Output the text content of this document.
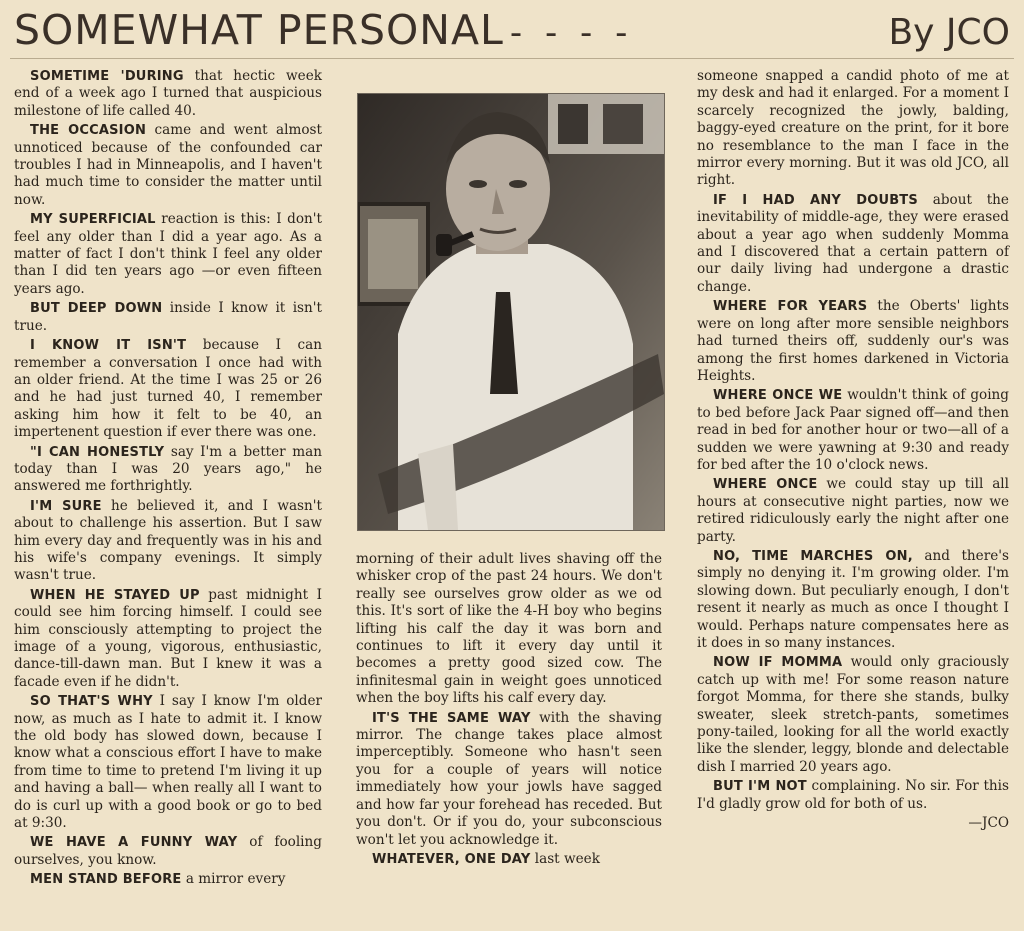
SOMEWHAT PERSONAL - - - -	By JCO

SOMETIME 'DURING that hectic week end of a week ago I turned that auspicious milestone of life called 40.

THE OCCASION came and went almost unnoticed because of the confounded car troubles I had in Minneapolis, and I haven't had much time to consider the matter until now.

MY SUPERFICIAL reaction is this: I don't feel any older than I did a year ago. As a matter of fact I don't think I feel any older than I did ten years ago —or even fifteen years ago.

BUT DEEP DOWN inside I know it isn't true.

I KNOW IT ISN'T because I can remember a conversation I once had with an older friend. At the time I was 25 or 26 and he had just turned 40, I remember asking him how it felt to be 40, an impertenent question if ever there was one.

"I CAN HONESTLY say I'm a better man today than I was 20 years ago," he answered me forthrightly.

I'M SURE he believed it, and I wasn't about to challenge his assertion. But I saw him every day and frequently was in his and his wife's company evenings. It simply wasn't true.

WHEN HE STAYED UP past midnight I could see him forcing himself. I could see him consciously attempting to project the image of a young, vigorous, enthusiastic, dance-till-dawn man. But I knew it was a facade even if he didn't.

SO THAT'S WHY I say I know I'm older now, as much as I hate to admit it. I know the old body has slowed down, because I know what a conscious effort I have to make from time to time to pretend I'm living it up and having a ball— when really all I want to do is curl up with a good book or go to bed at 9:30.

WE HAVE A FUNNY WAY of fooling ourselves, you know.

MEN STAND BEFORE a mirror every

morning of their adult lives shaving off the whisker crop of the past 24 hours. We don't really see ourselves grow older as we od this. It's sort of like the 4-H boy who begins lifting his calf the day it was born and continues to lift it every day until it becomes a pretty good sized cow. The infinitesmal gain in weight goes unnoticed when the boy lifts his calf every day.

IT'S THE SAME WAY with the shaving mirror. The change takes place almost imperceptibly. Someone who hasn't seen you for a couple of years will notice immediately how your jowls have sagged and how far your forehead has receded. But you don't. Or if you do, your subconscious won't let you acknowledge it.

WHATEVER, ONE DAY last week

someone snapped a candid photo of me at my desk and had it enlarged. For a moment I scarcely recognized the jowly, balding, baggy-eyed creature on the print, for it bore no resemblance to the man I face in the mirror every morning. But it was old JCO, all right.

IF I HAD ANY DOUBTS about the inevitability of middle-age, they were erased about a year ago when suddenly Momma and I discovered that a certain pattern of our daily living had undergone a drastic change.

WHERE FOR YEARS the Oberts' lights were on long after more sensible neighbors had turned theirs off, suddenly our's was among the first homes darkened in Victoria Heights.

WHERE ONCE WE wouldn't think of going to bed before Jack Paar signed off—and then read in bed for another hour or two—all of a sudden we were yawning at 9:30 and ready for bed after the 10 o'clock news.

WHERE ONCE we could stay up till all hours at consecutive night parties, now we retired ridiculously early the night after one party.

NO, TIME MARCHES ON, and there's simply no denying it. I'm growing older. I'm slowing down. But peculiarly enough, I don't resent it nearly as much as once I thought I would. Perhaps nature compensates here as it does in so many instances.

NOW IF MOMMA would only graciously catch up with me! For some reason nature forgot Momma, for there she stands, bulky sweater, sleek stretch-pants, sometimes pony-tailed, looking for all the world exactly like the slender, leggy, blonde and delectable dish I married 20 years ago.

BUT I'M NOT complaining. No sir. For this I'd gladly grow old for both of us.

—JCO
